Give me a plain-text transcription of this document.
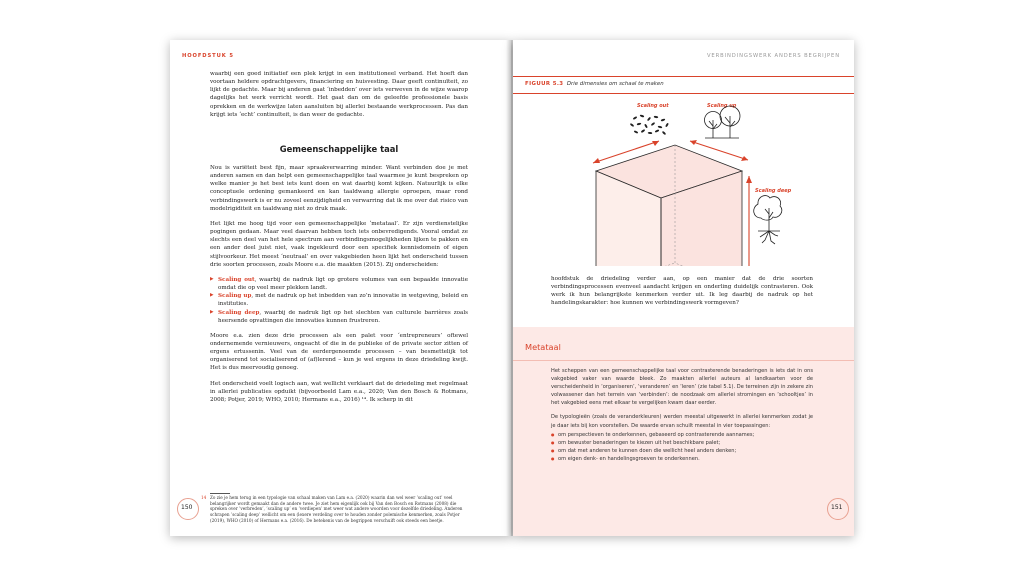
HOOFDSTUK 5

waarbij een goed initiatief een plek krijgt in een institutioneel verband. Het hoeft dan voortaan heldere opdrachtgevers, financiering en huisvesting. Daar geeft continuïteit, zo lijkt de gedachte. Maar bij anderen gaat ‘inbedden’ over iets verweven in de wijze waarop dagelijks het werk verricht wordt. Het gaat dan om de geleefde professionele basis oprekken en de werkwijze laten aansluiten bij allerlei bestaande werkprocessen. Pas dan krijgt iets ‘echt’ continuïteit, is dan weer de gedachte.

Gemeenschappelijke taal

Nou is variëteit best fijn, maar spraakverwarring minder. Want verbinden doe je met anderen samen en dan helpt een gemeenschappelijke taal waarmee je kunt bespreken op welke manier je het best iets kunt doen en wat daarbij komt kijken. Natuurlijk is elke conceptuele ordening gemankeerd en kan taaldwang allergie oproepen, maar rond verbindingswerk is er nu zoveel eenzijdigheid en verwarring dat ik me over dat risico van modelrigiditeit en taaldwang niet zo druk maak.

Het lijkt me hoog tijd voor een gemeenschappelijke ‘metataal’. Er zijn verdienstelijke pogingen gedaan. Maar veel daarvan hebben toch iets onbevredigends. Vooral omdat ze slechts een deel van het hele spectrum aan verbindingsmogelijkheden lijken te pakken en een ander deel juist niet, vaak ingekleurd door een specifiek kennisdomein of eigen stijlvoorkeur. Het meest ‘neutraal’ en over vakgebieden heen lijkt het onderscheid tussen drie soorten processen, zoals Moore e.a. die maakten (2015). Zij onderscheiden:

▶ Scaling out, waarbij de nadruk ligt op grotere volumes van een bepaalde innovatie omdat die op veel meer plekken landt.
▶ Scaling up, met de nadruk op het inbedden van zo’n innovatie in wetgeving, beleid en instituties.
▶ Scaling deep, waarbij de nadruk ligt op het slechten van culturele barrières zoals heersende opvattingen die innovaties kunnen frustreren.

Moore e.a. zien deze drie processen als een palet voor ‘entrepreneurs’ oftewel ondernemende vernieuwers, ongeacht of die in de publieke of de private sector zitten of ergens ertussenin. Veel van de eerdergenoemde processen – van besmettelijk tot organiserend tot socialiserend of (af)lerend – kun je wel ergens in deze driedeling kwijt. Het is dus meervoudig genoeg.

Het onderscheid voelt logisch aan, wat wellicht verklaart dat de driedeling met regelmaat in allerlei publicaties opduikt (bijvoorbeeld Lam e.a., 2020; Van den Bosch & Rotmans, 2008; Potjer, 2019; WHO, 2010; Hermans e.a., 2016) ¹⁴. Ik scherp in dit

14 Zo zie je hem terug in een typologie van schaal maken van Lam e.a. (2020) waarin dan wel weer ‘scaling out’ veel belangrijker wordt gemaakt dan de andere twee. Je ziet hem eigenlijk ook bij Van den Bosch en Rotmans (2008) die spreken over ‘verbreden’, ‘scaling up’ en ‘verdiepen’ met weer wat andere woorden voor dezelfde driedeling. Anderen schrapen ‘scaling deep’ wellicht om een (lexere verdeling over te houden zonder polemische kenmerken, zoals Potjer (2019), WHO (2010) of Hermans e.a. (2016). De betekenis van de begrippen verschuift ook steeds een beetje.
150
VERBINDINGSWERK ANDERS BEGRIJPEN
FIGUUR 5.3 Drie dimensies om schaal te maken
Scaling out	Scaling up
Scaling deep

hoofdstuk de driedeling verder aan, op een manier dat de drie soorten verbindingsprocessen evenveel aandacht krijgen en onderling duidelijk contrasteren. Ook werk ik hun belangrijkste kenmerken verder uit. Ik leg daarbij de nadruk op het handelingskarakter: hoe kunnen we verbindingswerk vormgeven?

Metataal

Het scheppen van een gemeenschappelijke taal voor contrasterende benaderingen is iets dat in ons vakgebied vaker van waarde bleek. Zo maakten allerlei auteurs al landkaarten voor de verscheidenheid in ‘organiseren’, ‘veranderen’ en ‘leren’ (zie tabel 5.1). De terreinen zijn in zekere zin volwassener dan het terrein van ‘verbinden’: de noodzaak om allerlei stromingen en ‘schooltjes’ in het vakgebied eens met elkaar te vergelijken kwam daar eerder.

De typologieën (zoals de veranderkleuren) werden meestal uitgewerkt in allerlei kenmerken zodat je je daar iets bij kon voorstellen. De waarde ervan schuilt meestal in vier toepassingen:

● om perspectieven te onderkennen, gebaseerd op contrasterende aannames;
● om bewuster benaderingen te kiezen uit het beschikbare palet;
● om dat met anderen te kunnen doen die wellicht heel anders denken;
● om eigen denk- en handelingsgroeven te onderkennen.
151
